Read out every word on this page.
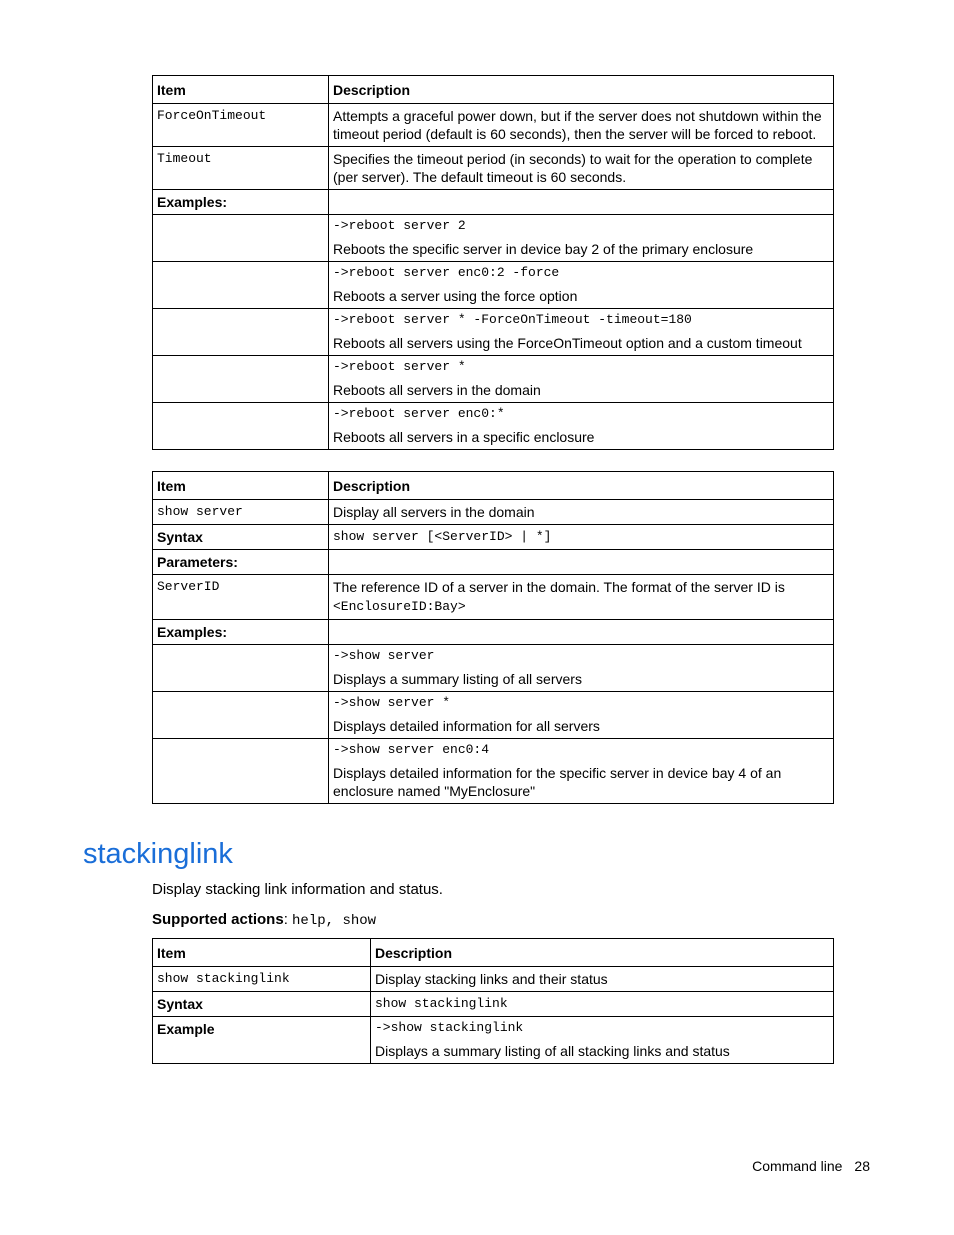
Item	Description
ForceOnTimeout	Attempts a graceful power down, but if the server does not shutdown within the timeout period (default is 60 seconds), then the server will be forced to reboot.
Timeout	Specifies the timeout period (in seconds) to wait for the operation to complete (per server). The default timeout is 60 seconds.
Examples:	

	->reboot server 2
Reboots the specific server in device bay 2 of the primary enclosure

	->reboot server enc0:2 -force
Reboots a server using the force option

	->reboot server * -ForceOnTimeout -timeout=180
Reboots all servers using the ForceOnTimeout option and a custom timeout

	->reboot server *
Reboots all servers in the domain

	->reboot server enc0:*
Reboots all servers in a specific enclosure
Item	Description
show server	Display all servers in the domain
Syntax	show server [<ServerID> | *]
Parameters:	
ServerID	The reference ID of a server in the domain. The format of the server ID is
<EnclosureID:Bay>
Examples:	

	->show server
Displays a summary listing of all servers

	->show server *
Displays detailed information for all servers

	->show server enc0:4
Displays detailed information for the specific server in device bay 4 of an enclosure named "MyEnclosure"
stackinglink

Display stacking link information and status.

Supported actions: help, show

Item	Description
show stackinglink	Display stacking links and their status
Syntax	show stackinglink
Example	->show stackinglink
Displays a summary listing of all stacking links and status
Command line 28
